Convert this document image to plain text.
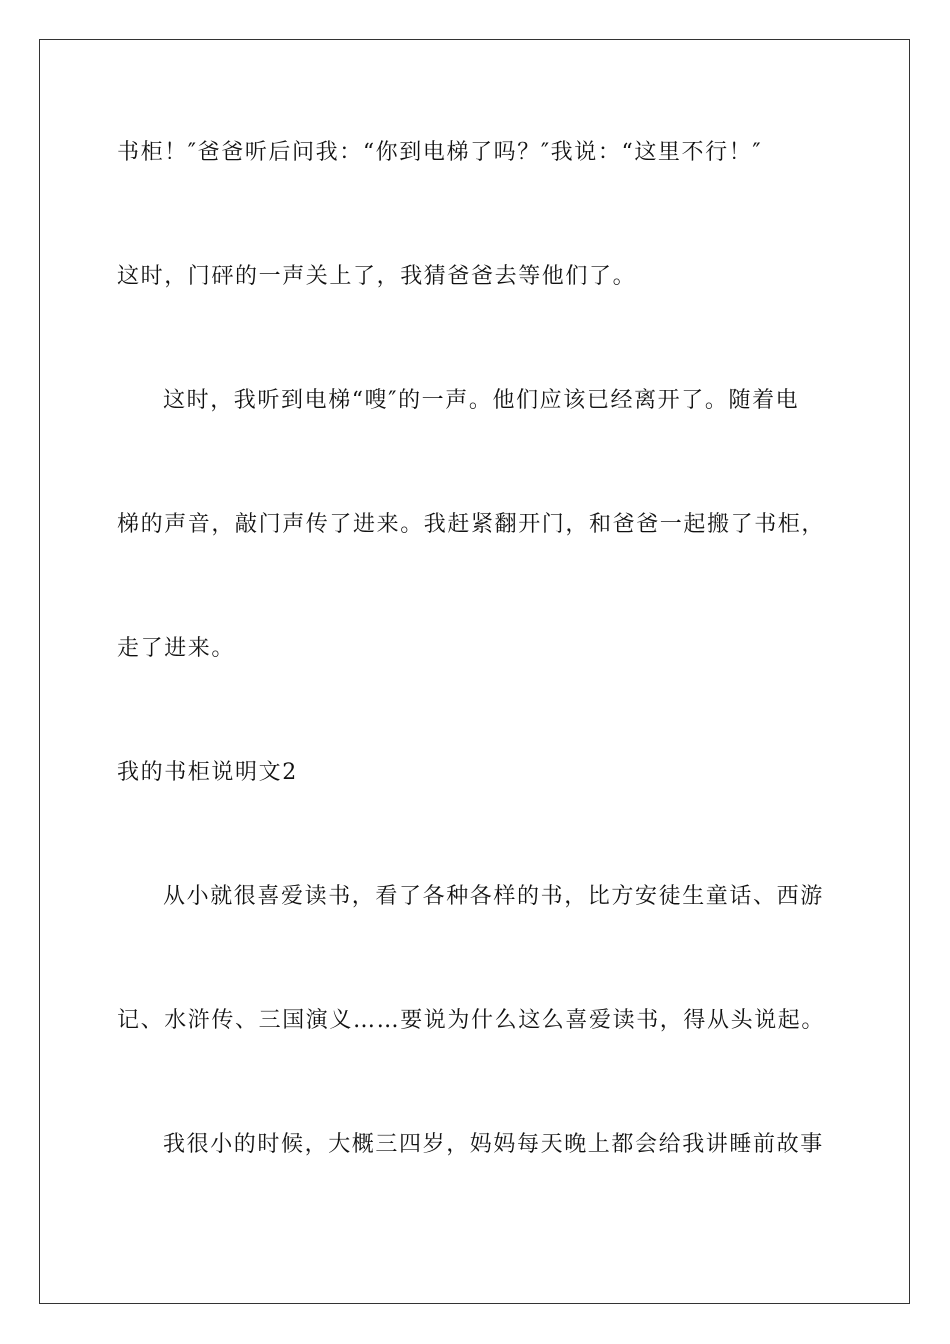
书柜！″爸爸听后问我：“你到电梯了吗？″我说：“这里不行！″

这时，门砰的一声关上了，我猜爸爸去等他们了。

这时，我听到电梯“嗖″的一声。他们应该已经离开了。随着电

梯的声音，敲门声传了进来。我赶紧翻开门，和爸爸一起搬了书柜，

走了进来。

我的书柜说明文2

从小就很喜爱读书，看了各种各样的书，比方安徒生童话、西游

记、水浒传、三国演义……要说为什么这么喜爱读书，得从头说起。

我很小的时候，大概三四岁，妈妈每天晚上都会给我讲睡前故事
